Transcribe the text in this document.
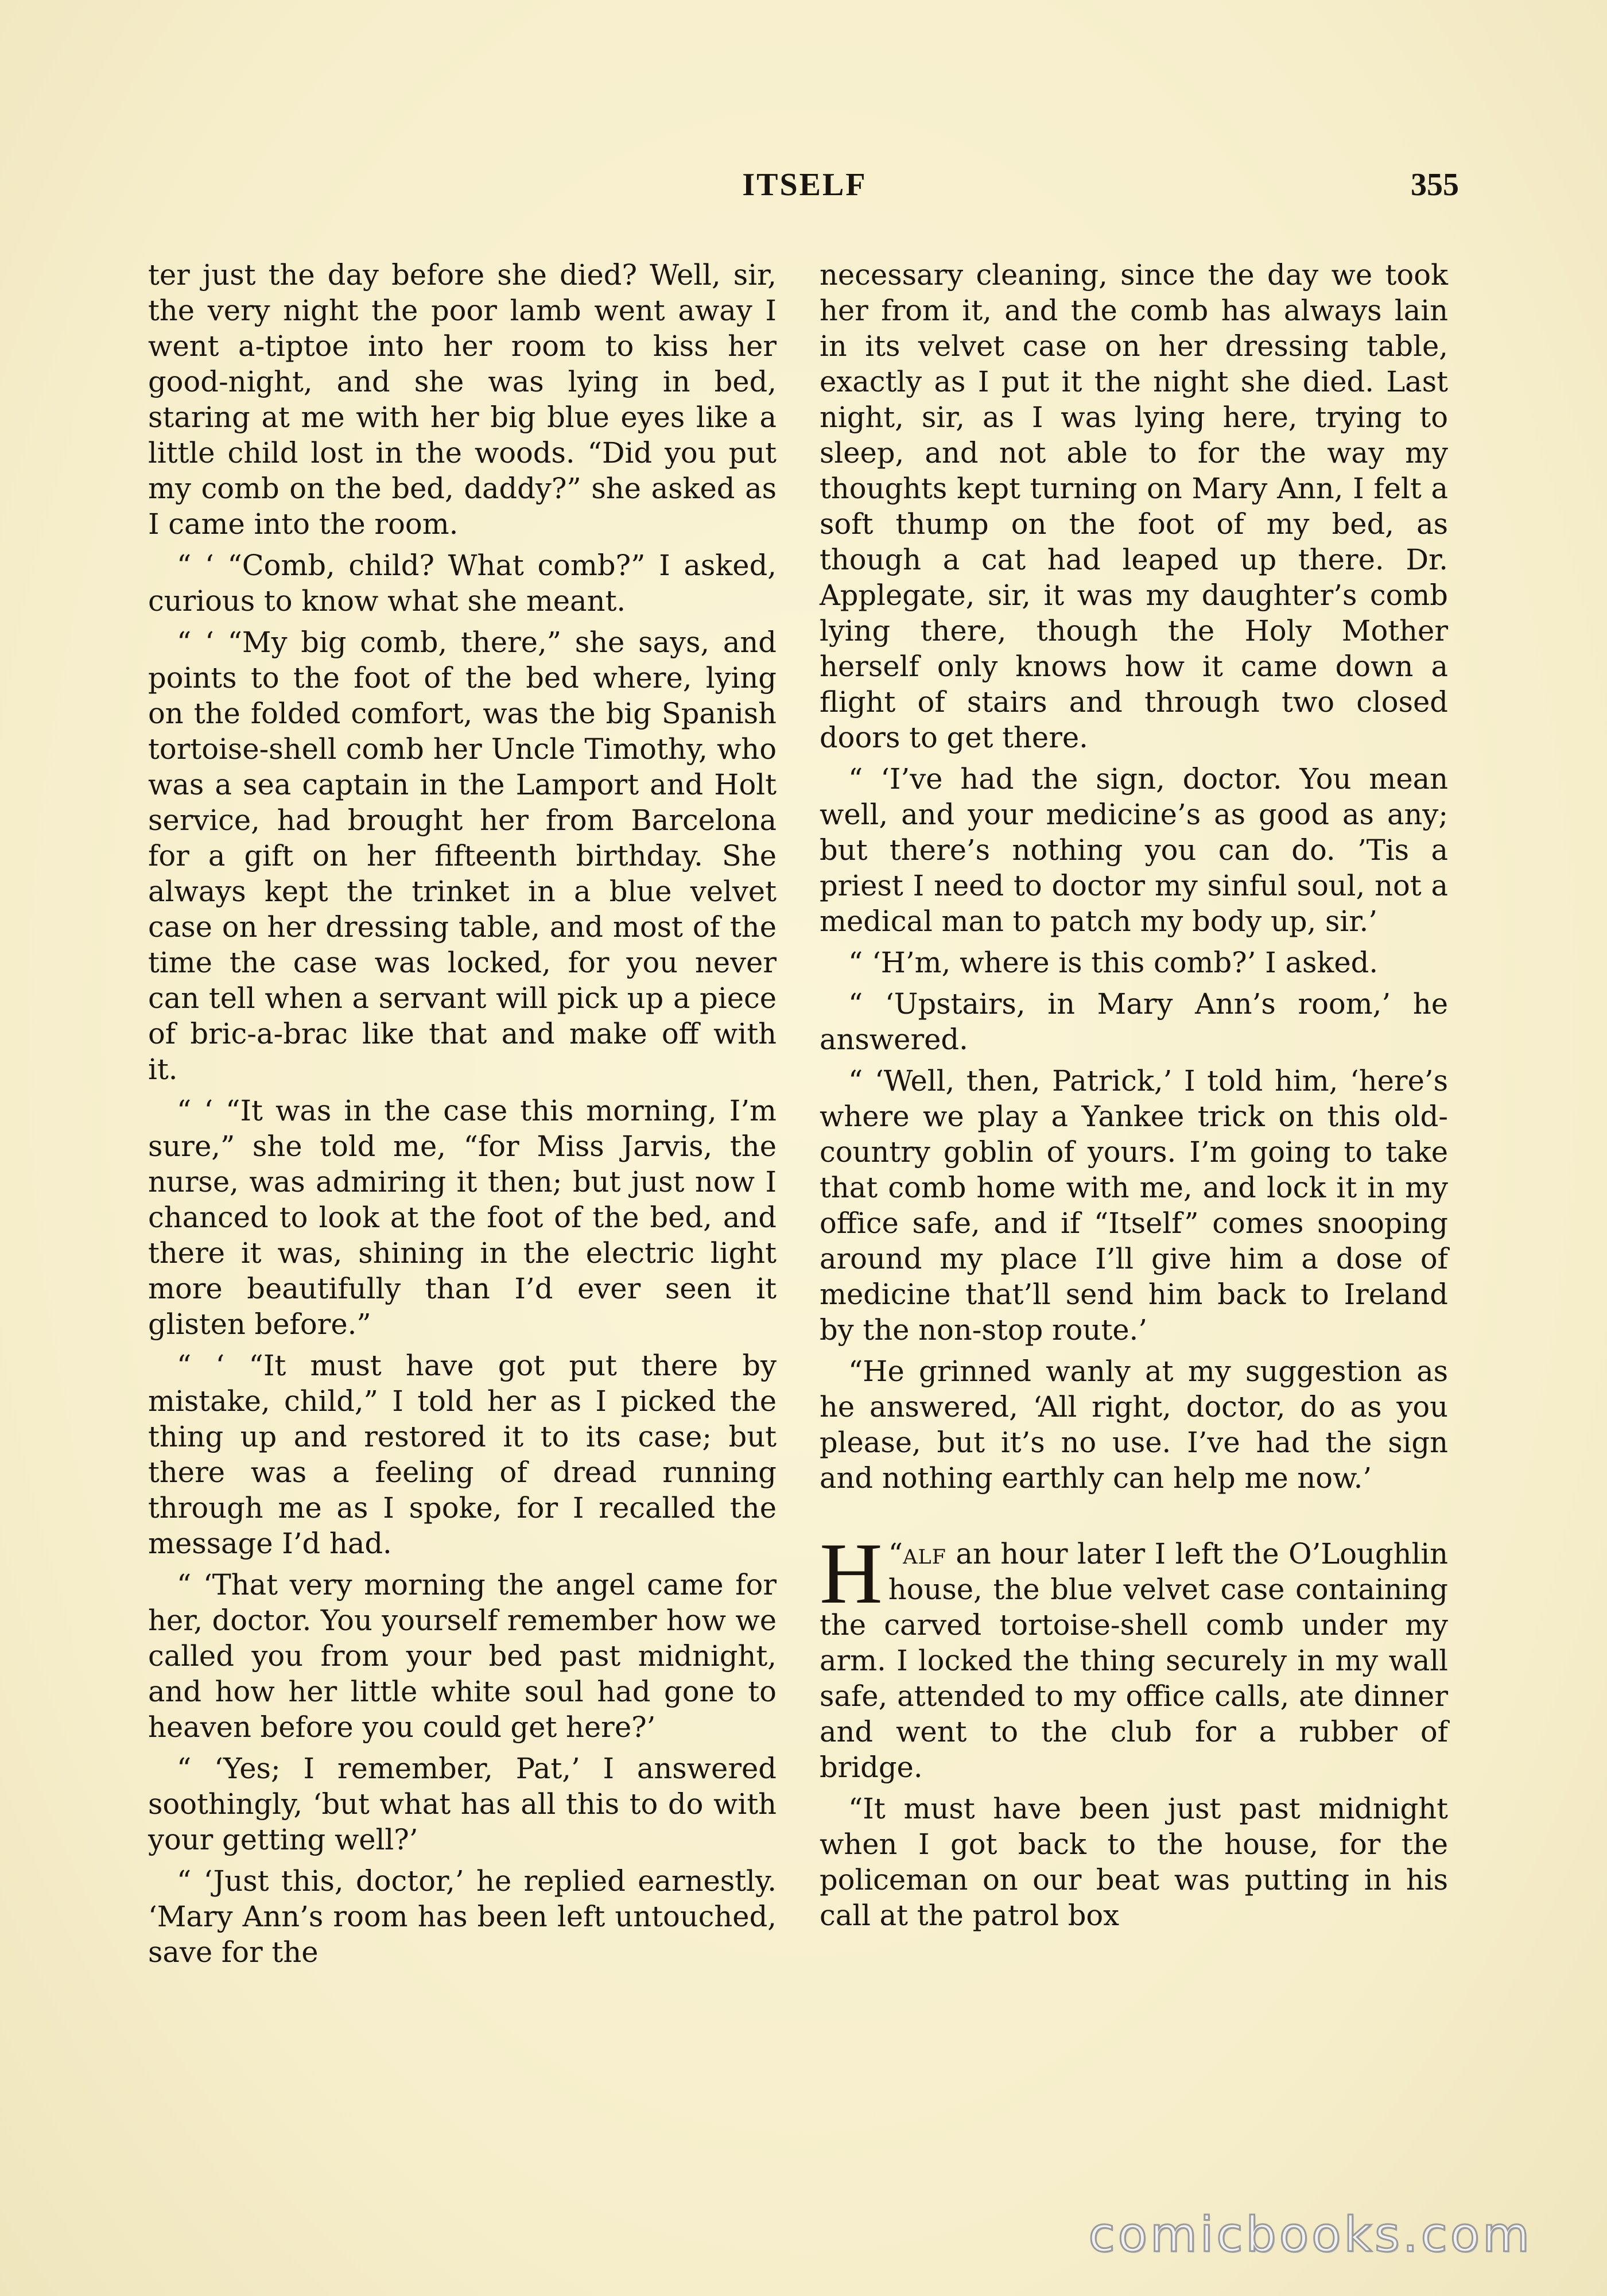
ITSELF	355

ter just the day before she died? Well, sir, the very night the poor lamb went away I went a-tiptoe into her room to kiss her good-night, and she was lying in bed, staring at me with her big blue eyes like a little child lost in the woods. “Did you put my comb on the bed, daddy?” she asked as I came into the room.

“ ‘ “Comb, child? What comb?” I asked, curious to know what she meant.

“ ‘ “My big comb, there,” she says, and points to the foot of the bed where, lying on the folded comfort, was the big Spanish tortoise-shell comb her Uncle Timothy, who was a sea captain in the Lamport and Holt service, had brought her from Barcelona for a gift on her fifteenth birthday. She always kept the trinket in a blue velvet case on her dressing table, and most of the time the case was locked, for you never can tell when a servant will pick up a piece of bric-a-brac like that and make off with it.

“ ‘ “It was in the case this morning, I’m sure,” she told me, “for Miss Jarvis, the nurse, was admiring it then; but just now I chanced to look at the foot of the bed, and there it was, shining in the electric light more beautifully than I’d ever seen it glisten before.”

“ ‘ “It must have got put there by mistake, child,” I told her as I picked the thing up and restored it to its case; but there was a feeling of dread running through me as I spoke, for I recalled the message I’d had.

“ ‘That very morning the angel came for her, doctor. You yourself remember how we called you from your bed past midnight, and how her little white soul had gone to heaven before you could get here?’

“ ‘Yes; I remember, Pat,’ I answered soothingly, ‘but what has all this to do with your getting well?’

“ ‘Just this, doctor,’ he replied earnestly. ‘Mary Ann’s room has been left untouched, save for the

necessary cleaning, since the day we took her from it, and the comb has always lain in its velvet case on her dressing table, exactly as I put it the night she died. Last night, sir, as I was lying here, trying to sleep, and not able to for the way my thoughts kept turning on Mary Ann, I felt a soft thump on the foot of my bed, as though a cat had leaped up there. Dr. Applegate, sir, it was my daughter’s comb lying there, though the Holy Mother herself only knows how it came down a flight of stairs and through two closed doors to get there.

“ ‘I’ve had the sign, doctor. You mean well, and your medicine’s as good as any; but there’s nothing you can do. ’Tis a priest I need to doctor my sinful soul, not a medical man to patch my body up, sir.’

“ ‘H’m, where is this comb?’ I asked.

“ ‘Upstairs, in Mary Ann’s room,’ he answered.

“ ‘Well, then, Patrick,’ I told him, ‘here’s where we play a Yankee trick on this old-country goblin of yours. I’m going to take that comb home with me, and lock it in my office safe, and if “Itself” comes snooping around my place I’ll give him a dose of medicine that’ll send him back to Ireland by the non-stop route.’

“He grinned wanly at my suggestion as he answered, ‘All right, doctor, do as you please, but it’s no use. I’ve had the sign and nothing earthly can help me now.’

“
H alf an hour later I left the O’Loughlin house, the blue velvet case containing the carved tortoise-shell comb under my arm. I locked the thing securely in my wall safe, attended to my office calls, ate dinner and went to the club for a rubber of bridge.

“It must have been just past midnight when I got back to the house, for the policeman on our beat was putting in his call at the patrol box

comicbooks.com
